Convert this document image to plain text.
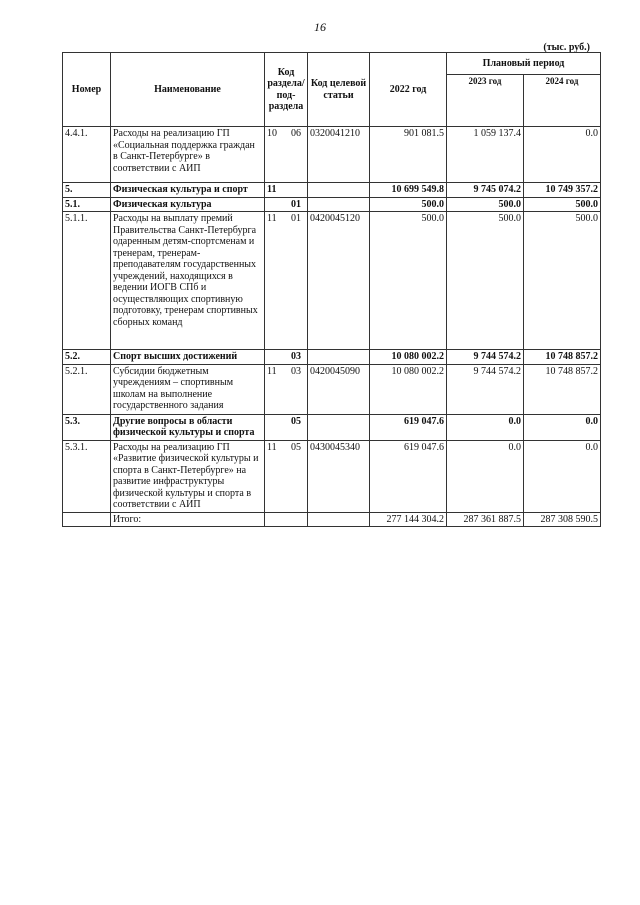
16
(тыс. руб.)
Номер	Наименование	Код раздела/ под- раздела	Код целевой статьи	2022 год	Плановый период	
					2023 год	2024 год
4.4.1.	Расходы на реализацию ГП «Социальная поддержка граждан в Санкт-Петербурге» в соответствии с АИП	10 06	0320041210	901 081.5	1 059 137.4	0.0
5.	Физическая культура и спорт	11		10 699 549.8	9 745 074.2	10 749 357.2
5.1.	Физическая культура	01		500.0	500.0	500.0
5.1.1.	Расходы на выплату премий Правительства Санкт-Петербурга одаренным детям-спортсменам и тренерам, тренерам-преподавателям государственных учреждений, находящихся в ведении ИОГВ СПб и осуществляющих спортивную подготовку, тренерам спортивных сборных команд	11 01	0420045120	500.0	500.0	500.0
5.2.	Спорт высших достижений	03		10 080 002.2	9 744 574.2	10 748 857.2
5.2.1.	Субсидии бюджетным учреждениям – спортивным школам на выполнение государственного задания	11 03	0420045090	10 080 002.2	9 744 574.2	10 748 857.2
5.3.	Другие вопросы в области физической культуры и спорта	05		619 047.6	0.0	0.0
5.3.1.	Расходы на реализацию ГП «Развитие физической культуры и спорта в Санкт-Петербурге» на развитие инфраструктуры физической культуры и спорта в соответствии с АИП	11 05	0430045340	619 047.6	0.0	0.0
	Итого:			277 144 304.2	287 361 887.5	287 308 590.5
